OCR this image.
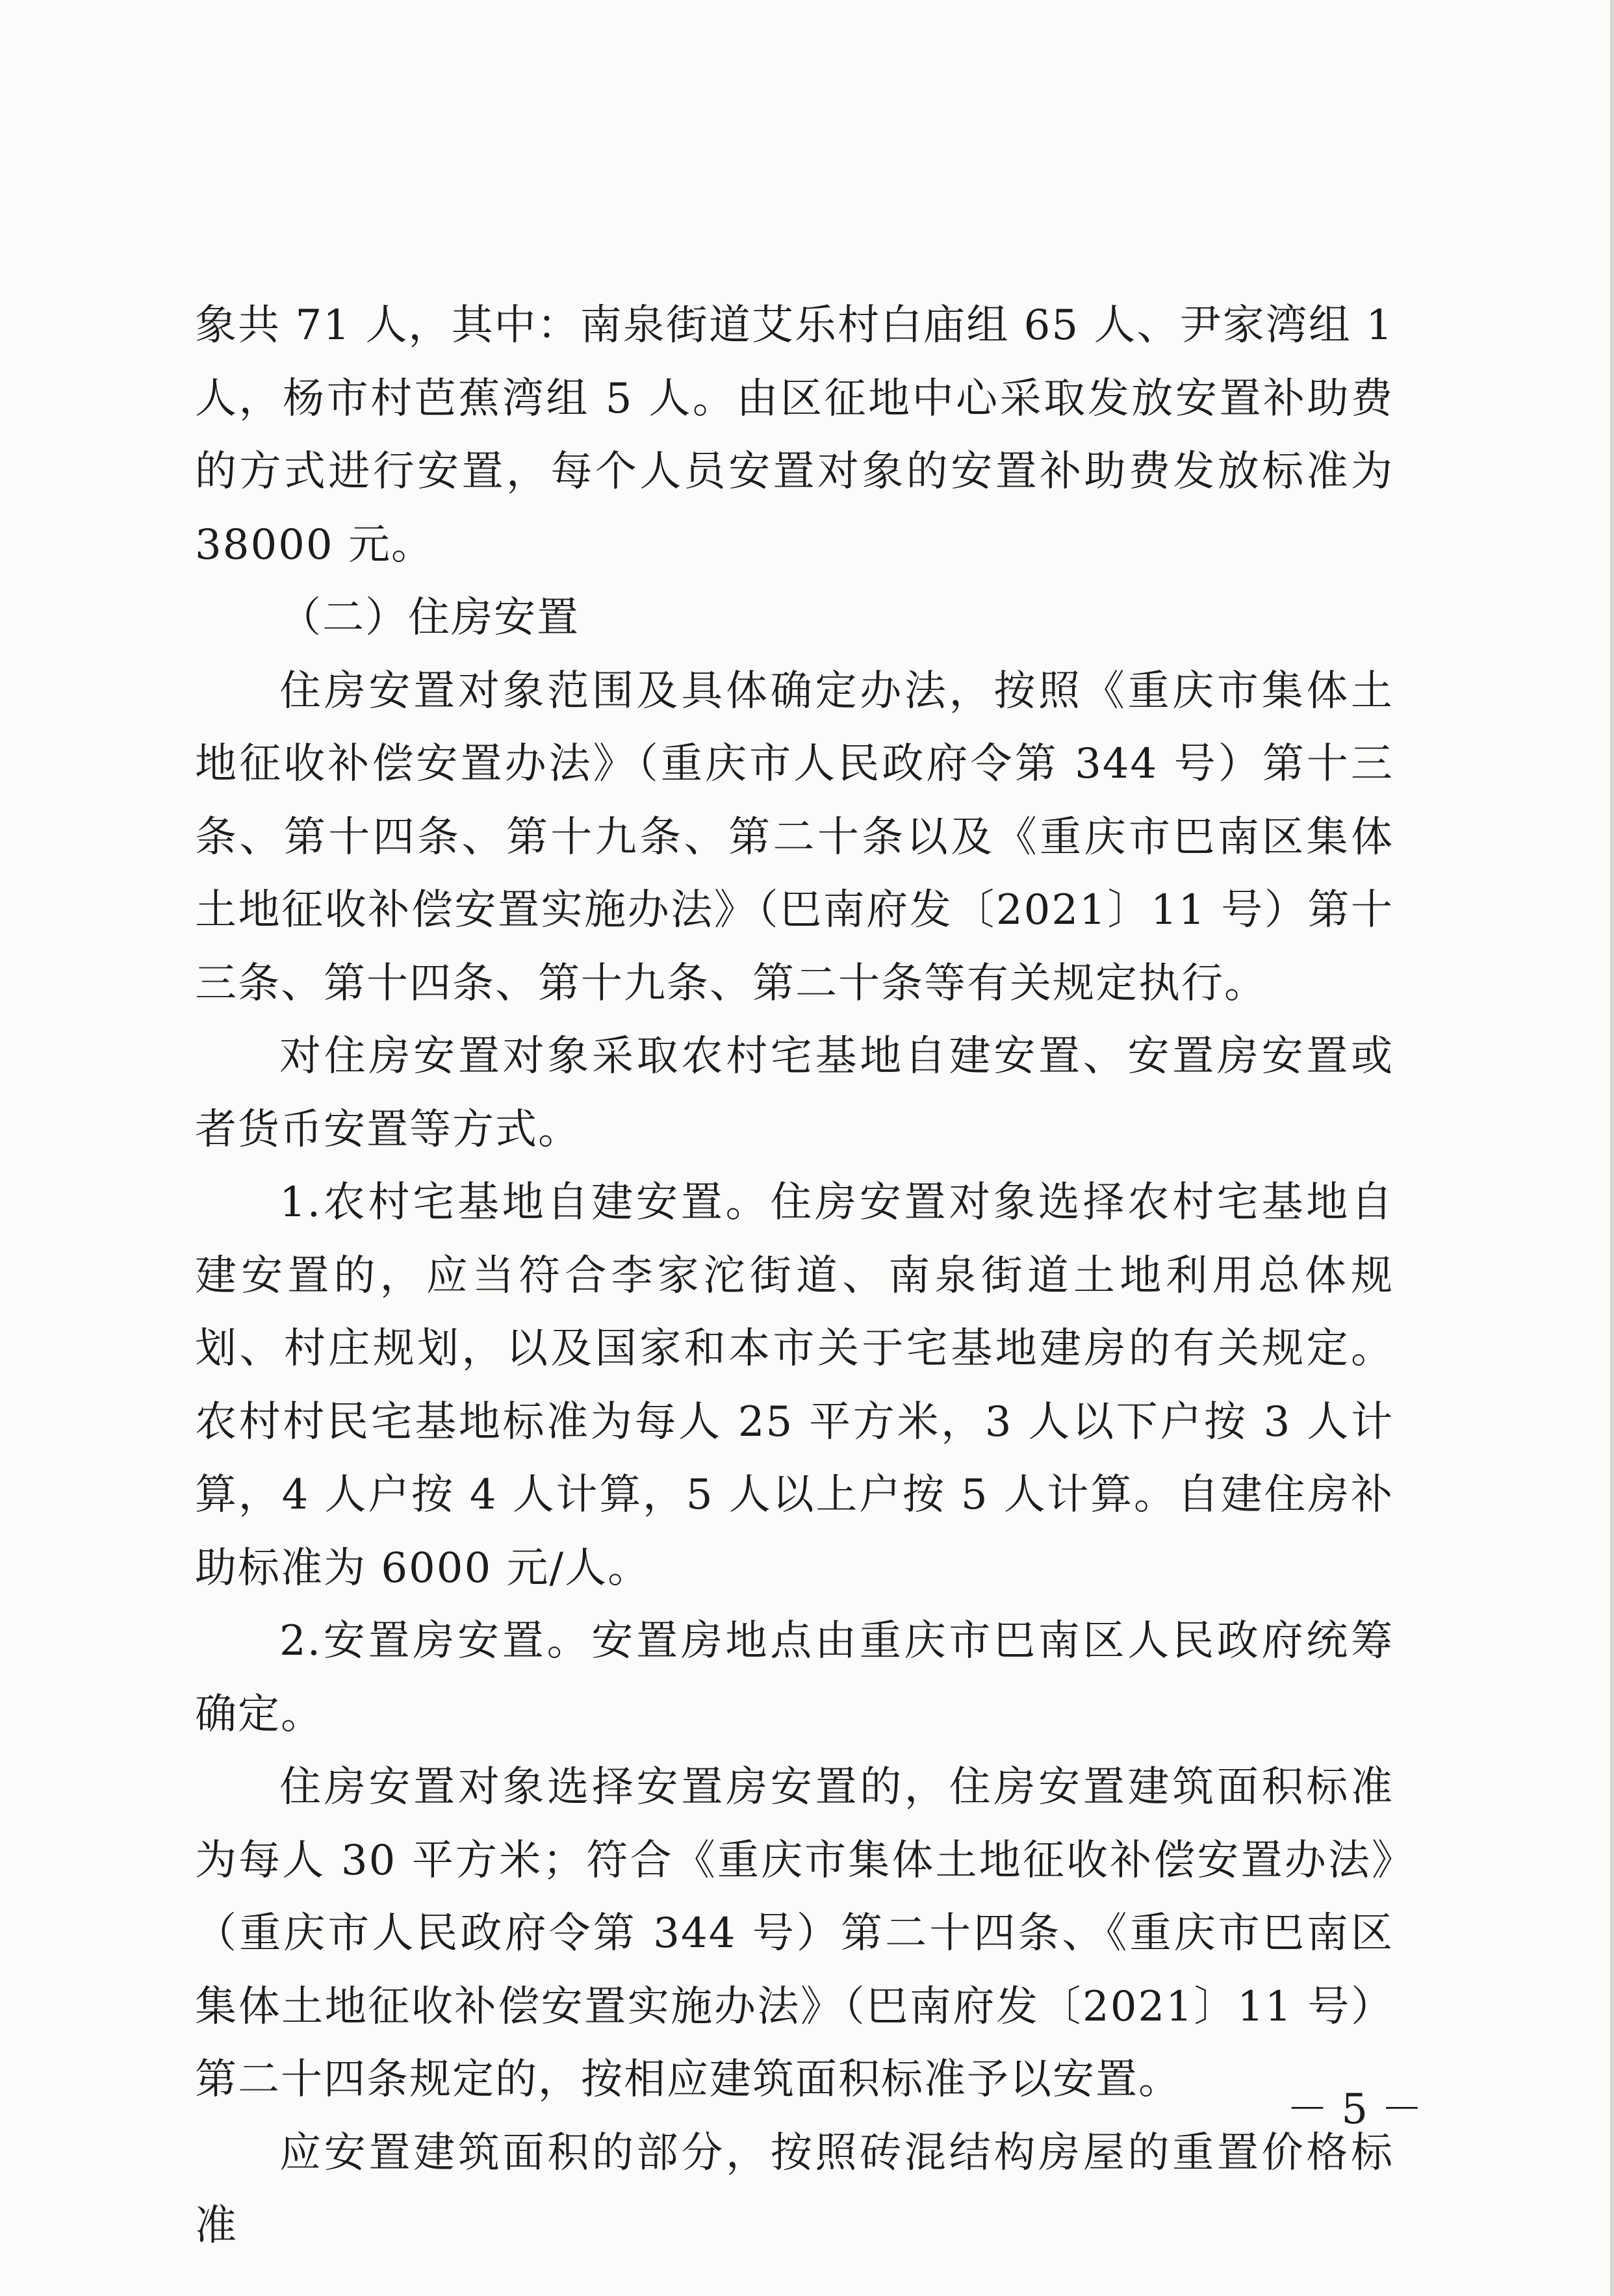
象共 71 人，其中：南泉街道艾乐村白庙组 65 人、尹家湾组 1 人，杨市村芭蕉湾组 5 人。由区征地中心采取发放安置补助费的方式进行安置，每个人员安置对象的安置补助费发放标准为 38000 元。

（二）住房安置

住房安置对象范围及具体确定办法，按照《重庆市集体土地征收补偿安置办法》（重庆市人民政府令第 344 号）第十三条、第十四条、第十九条、第二十条以及《重庆市巴南区集体土地征收补偿安置实施办法》（巴南府发〔2021〕11 号）第十三条、第十四条、第十九条、第二十条等有关规定执行。

对住房安置对象采取农村宅基地自建安置、安置房安置或者货币安置等方式。

1.农村宅基地自建安置。住房安置对象选择农村宅基地自建安置的，应当符合李家沱街道、南泉街道土地利用总体规划、村庄规划，以及国家和本市关于宅基地建房的有关规定。农村村民宅基地标准为每人 25 平方米，3 人以下户按 3 人计算，4 人户按 4 人计算，5 人以上户按 5 人计算。自建住房补助标准为 6000 元/人。

2.安置房安置。安置房地点由重庆市巴南区人民政府统筹确定。

住房安置对象选择安置房安置的，住房安置建筑面积标准为每人 30 平方米；符合《重庆市集体土地征收补偿安置办法》（重庆市人民政府令第 344 号）第二十四条、《重庆市巴南区集体土地征收补偿安置实施办法》（巴南府发〔2021〕11 号）第二十四条规定的，按相应建筑面积标准予以安置。

应安置建筑面积的部分，按照砖混结构房屋的重置价格标准

－ 5 －
